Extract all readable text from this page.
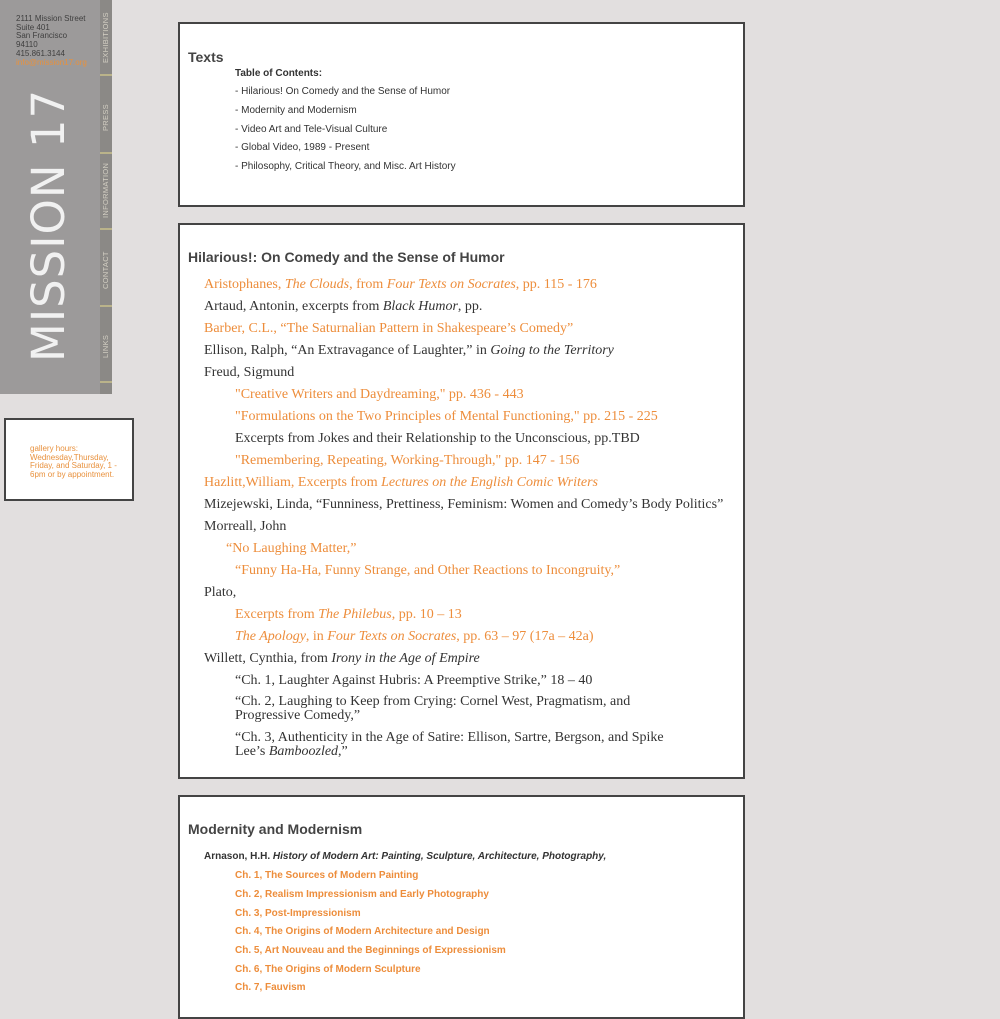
2111 Mission Street
Suite 401
San Francisco
94110
415.861.3144
info@mission17.org
MISSION 17
EXHIBITIONS
PRESS
INFORMATION
CONTACT
LINKS
gallery hours: Wednesday,Thursday, Friday, and Saturday, 1 - 6pm or by appointment.
Texts
Table of Contents:
- Hilarious! On Comedy and the Sense of Humor
- Modernity and Modernism
- Video Art and Tele-Visual Culture
- Global Video, 1989 - Present
- Philosophy, Critical Theory, and Misc. Art History
Hilarious!: On Comedy and the Sense of Humor
Aristophanes, The Clouds, from Four Texts on Socrates, pp. 115 - 176
Artaud, Antonin, excerpts from Black Humor, pp.
Barber, C.L., “The Saturnalian Pattern in Shakespeare’s Comedy”
Ellison, Ralph, “An Extravagance of Laughter,” in Going to the Territory
Freud, Sigmund
"Creative Writers and Daydreaming," pp. 436 - 443
"Formulations on the Two Principles of Mental Functioning," pp. 215 - 225
Excerpts from Jokes and their Relationship to the Unconscious, pp.TBD
"Remembering, Repeating, Working-Through," pp. 147 - 156
Hazlitt,William, Excerpts from Lectures on the English Comic Writers
Mizejewski, Linda, “Funniness, Prettiness, Feminism: Women and Comedy’s Body Politics”
Morreall, John
“No Laughing Matter,”
“Funny Ha-Ha, Funny Strange, and Other Reactions to Incongruity,”
Plato,
Excerpts from The Philebus, pp. 10 – 13
The Apology, in Four Texts on Socrates, pp. 63 – 97 (17a – 42a)
Willett, Cynthia, from Irony in the Age of Empire
“Ch. 1, Laughter Against Hubris: A Preemptive Strike,” 18 – 40
“Ch. 2, Laughing to Keep from Crying: Cornel West, Pragmatism, and Progressive Comedy,”
“Ch. 3, Authenticity in the Age of Satire: Ellison, Sartre, Bergson, and Spike Lee’s Bamboozled,”
Modernity and Modernism
Arnason, H.H. History of Modern Art: Painting, Sculpture, Architecture, Photography,
Ch. 1, The Sources of Modern Painting
Ch. 2, Realism Impressionism and Early Photography
Ch. 3, Post-Impressionism
Ch. 4, The Origins of Modern Architecture and Design
Ch. 5, Art Nouveau and the Beginnings of Expressionism
Ch. 6, The Origins of Modern Sculpture
Ch. 7, Fauvism
